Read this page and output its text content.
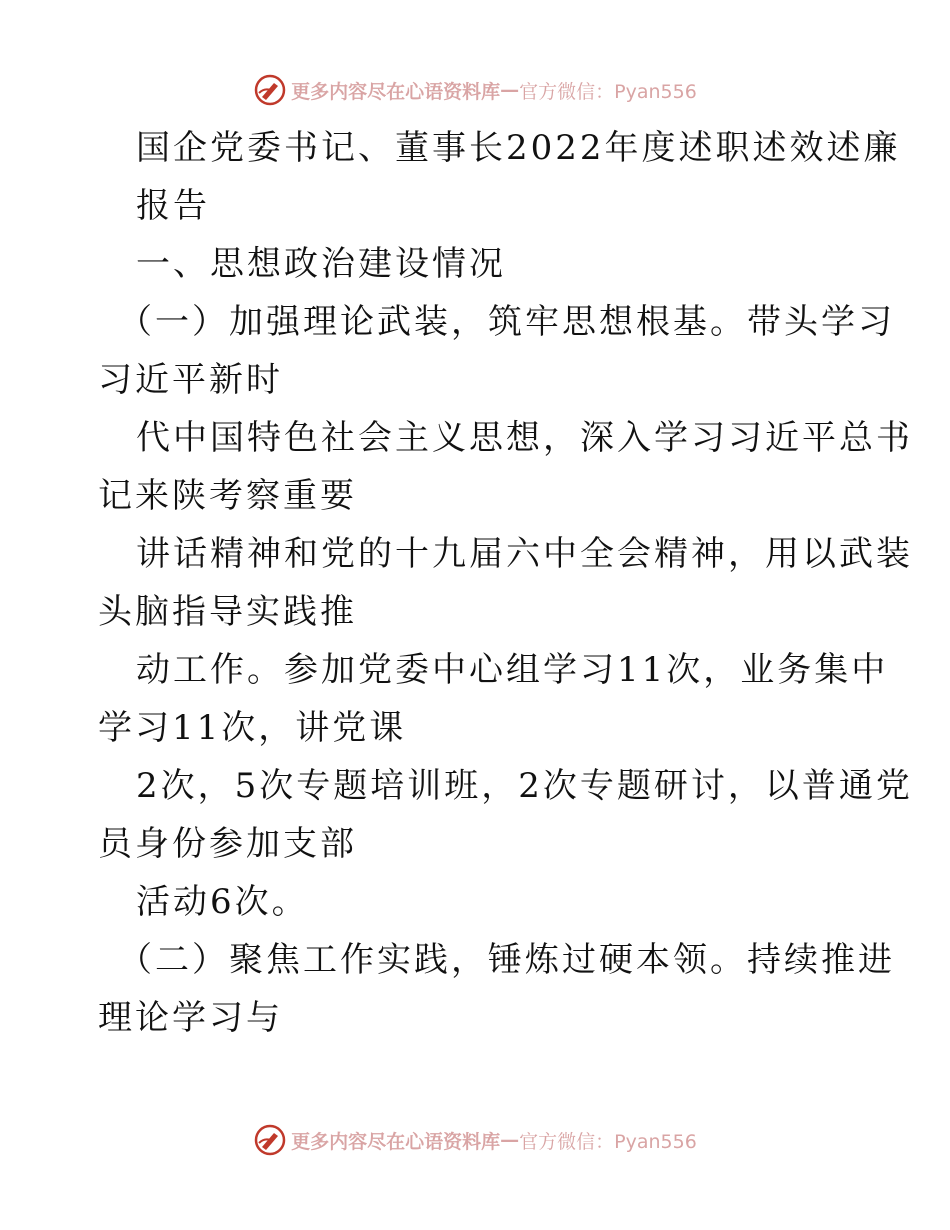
更多内容尽在心语资料库 — 官方微信：Pyan556
国企党委书记、董事长2022年度述职述效述廉
报告
一、思想政治建设情况
（一）加强理论武装，筑牢思想根基。带头学习
习近平新时
代中国特色社会主义思想，深入学习习近平总书
记来陕考察重要
讲话精神和党的十九届六中全会精神，用以武装
头脑指导实践推
动工作。参加党委中心组学习11次，业务集中
学习11次，讲党课
2次，5次专题培训班，2次专题研讨，以普通党
员身份参加支部
活动6次。
（二）聚焦工作实践，锤炼过硬本领。持续推进
理论学习与
更多内容尽在心语资料库 — 官方微信：Pyan556
